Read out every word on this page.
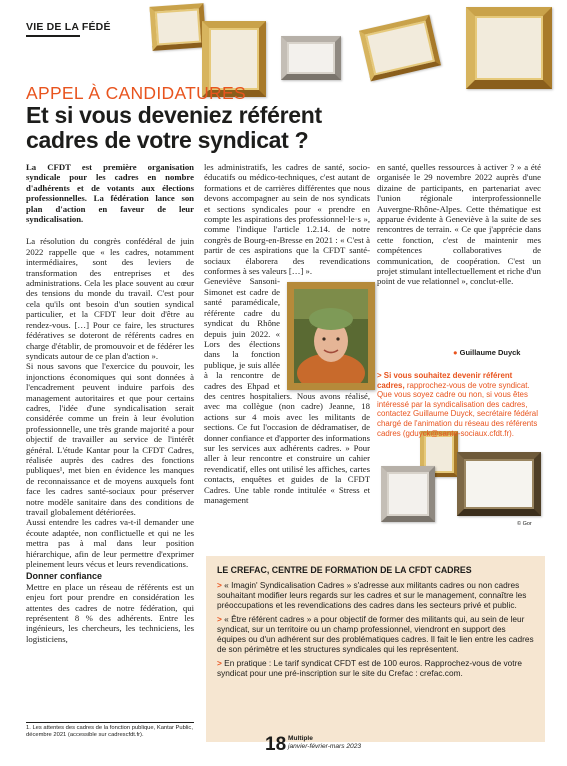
VIE DE LA FÉDÉ
APPEL À CANDIDATURES
Et si vous deveniez référent cadres de votre syndicat ?

La CFDT est première organisation syndicale pour les cadres en nombre d'adhérents et de votants aux élections professionnelles. La fédération lance son plan d'action en faveur de leur syndicalisation.

La résolution du congrès confédéral de juin 2022 rappelle que « les cadres, notamment intermédiaires, sont des leviers de transformation des entreprises et des administrations. Cela les place souvent au cœur des tensions du monde du travail. C'est pour cela qu'ils ont besoin d'un soutien syndical particulier, et la CFDT leur doit d'être au rendez-vous. […] Pour ce faire, les structures fédératives se doteront de référents cadres en charge d'établir, de promouvoir et de fédérer les syndicats autour de ce plan d'action ».

Si nous savons que l'exercice du pouvoir, les injonctions économiques qui sont données à l'encadrement peuvent induire parfois des management autoritaires et que pour certains cadres, l'idée d'une syndicalisation serait considérée comme un frein à leur évolution professionnelle, une très grande majorité a pour objectif de travailler au service de l'intérêt général. L'étude Kantar pour la CFDT Cadres, réalisée auprès des cadres des fonctions publiques¹, met bien en évidence les manques de reconnaissance et de moyens auxquels font face les cadres santé-sociaux pour préserver notre modèle sanitaire dans des conditions de travail globalement détériorées.

Aussi entendre les cadres va-t-il demander une écoute adaptée, non conflictuelle et qui ne les mettra pas à mal dans leur position hiérarchique, afin de leur permettre d'exprimer pleinement leurs vécus et leurs revendications.

Donner confiance

Mettre en place un réseau de référents est un enjeu fort pour prendre en considération les attentes des cadres de notre fédération, qui représentent 8 % des adhérents. Entre les ingénieurs, les chercheurs, les techniciens, les logisticiens,

1. Les attentes des cadres de la fonction publique, Kantar Public, décembre 2021 (accessible sur cadrescfdt.fr).

les administratifs, les cadres de santé, socio-éducatifs ou médico-techniques, c'est autant de formations et de carrières différentes que nous devons accompagner au sein de nos syndicats et sections syndicales pour « prendre en compte les aspirations des professionnel·le·s », comme l'indique l'article 1.2.14. de notre congrès de Bourg-en-Bresse en 2021 : « C'est à partir de ces aspirations que la CFDT santé-sociaux élaborera des revendications conformes à ses valeurs […] ».

Geneviève Sansoni-Simonet est cadre de santé paramédicale, référente cadre du syndicat du Rhône depuis juin 2022. « Lors des élections dans la fonction publique, je suis allée à la rencontre de cadres des Ehpad et des centres hospitaliers. Nous avons réalisé, avec ma collègue (non cadre) Jeanne, 18 actions sur 4 mois avec les militants de sections. Ce fut l'occasion de dédramatiser, de donner confiance et d'apporter des informations sur les services aux adhérents cadres. » Pour aller à leur rencontre et construire un cahier revendicatif, elles ont utilisé les affiches, cartes contacts, enquêtes et guides de la CFDT Cadres. Une table ronde intitulée « Stress et management

en santé, quelles ressources à activer ? » a été organisée le 29 novembre 2022 auprès d'une dizaine de participants, en partenariat avec l'union régionale interprofessionnelle Auvergne-Rhône-Alpes. Cette thématique est apparue évidente à Geneviève à la suite de ses rencontres de terrain. « Ce que j'apprécie dans cette fonction, c'est de maintenir mes compétences collaboratives de communication, de coopération. C'est un projet stimulant intellectuellement et riche d'un point de vue relationnel », conclut-elle.

● Guillaume Duyck
> Si vous souhaitez devenir référent cadres, rapprochez-vous de votre syndicat. Que vous soyez cadre ou non, si vous êtes intéressé par la syndicalisation des cadres, contactez Guillaume Duyck, secrétaire fédéral chargé de l'animation du réseau des référents cadres (gduyck@sante-sociaux.cfdt.fr).
© Gor
LE CREFAC, CENTRE DE FORMATION DE LA CFDT CADRES

> « Imagin' Syndicalisation Cadres » s'adresse aux militants cadres ou non cadres souhaitant modifier leurs regards sur les cadres et sur le management, connaître les préoccupations et les revendications des cadres dans les secteurs privé et public.

> « Être référent cadres » a pour objectif de former des militants qui, au sein de leur syndicat, sur un territoire ou un champ professionnel, viendront en support des équipes ou d'un adhérent sur des problématiques cadres. Il fait le lien entre les cadres de son périmètre et les structures syndicales qui les représentent.

> En pratique : Le tarif syndicat CFDT est de 100 euros. Rapprochez-vous de votre syndicat pour une pré-inscription sur le site du Crefac : crefac.com.

18 Multiple
janvier-février-mars 2023
